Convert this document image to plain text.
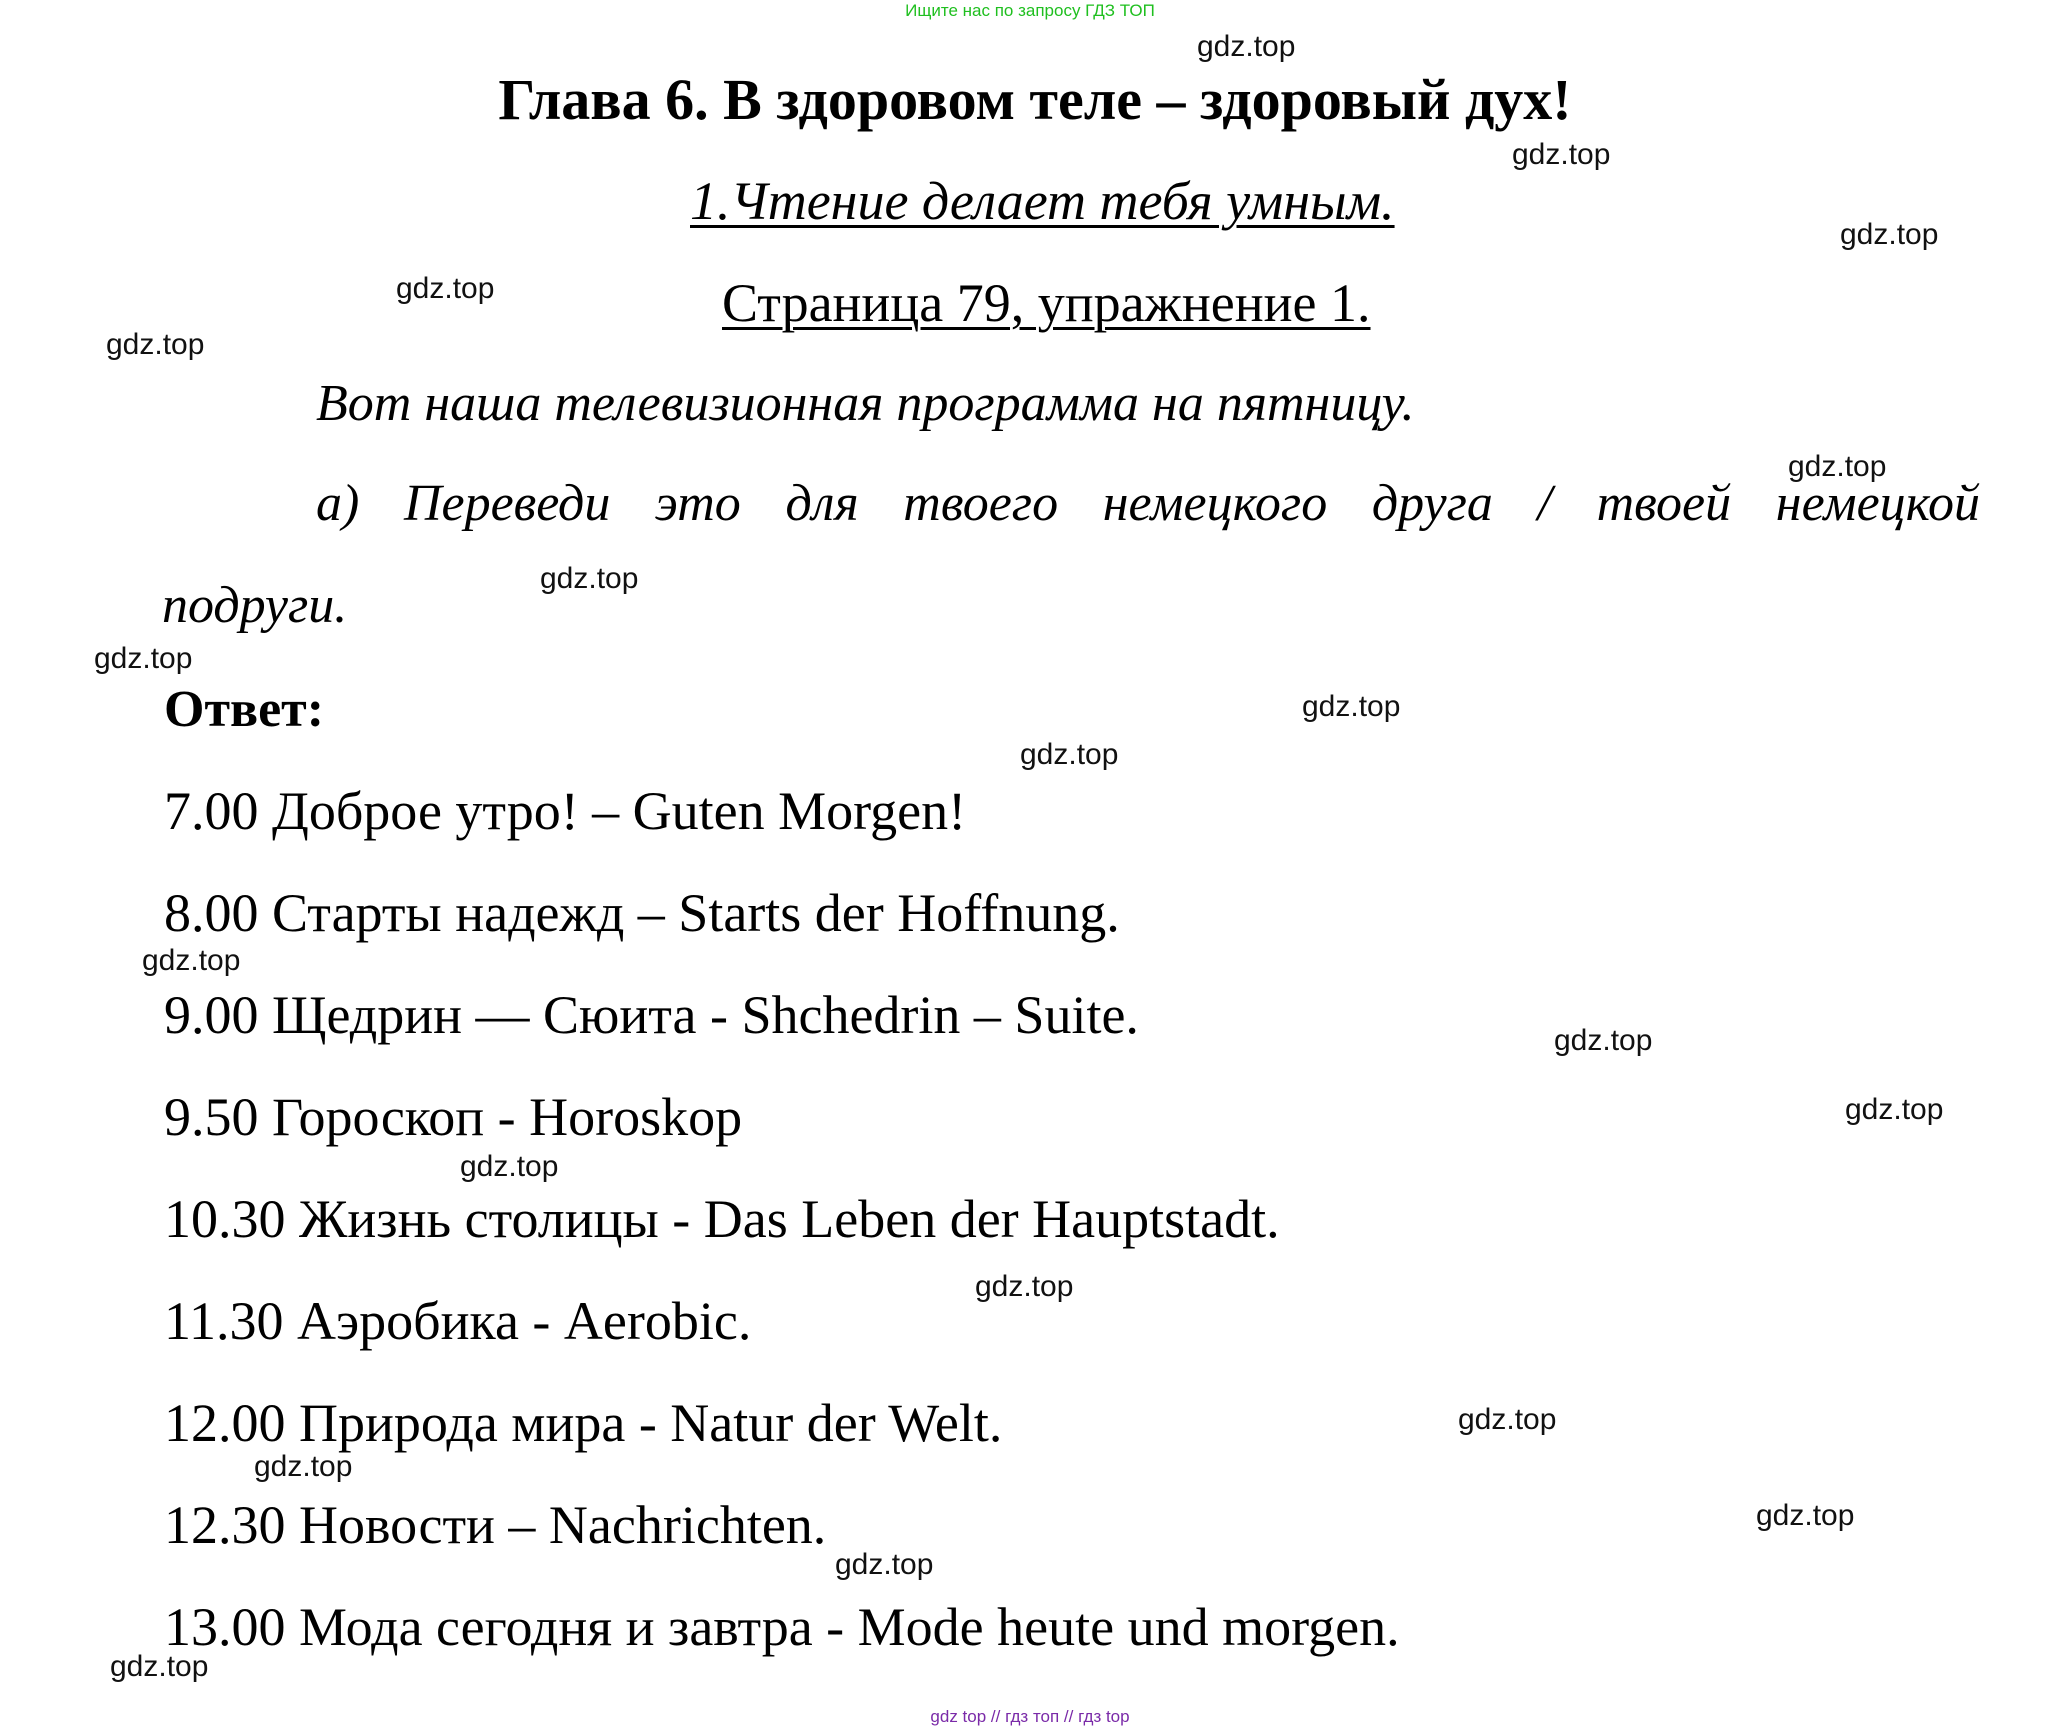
Ищите нас по запросу ГДЗ ТОП
Глава 6. В здоровом теле – здоровый дух!
1.Чтение делает тебя умным.
Страница 79, упражнение 1.
Вот наша телевизионная программа на пятницу.
а) Переведи это для твоего немецкого друга / твоей немецкой
подруги.
Ответ:
7.00 Доброе утро! – Guten Morgen!
8.00 Старты надежд – Starts der Hoffnung.
9.00 Щедрин — Сюита - Shchedrin – Suite.
9.50 Гороскоп - Horoskop
10.30 Жизнь столицы - Das Leben der Hauptstadt.
11.30 Аэробика - Aerobic.
12.00 Природа мира - Natur der Welt.
12.30 Новости – Nachrichten.
13.00 Мода сегодня и завтра - Mode heute und morgen.
gdz.top
gdz.top
gdz.top
gdz.top
gdz.top
gdz.top
gdz.top
gdz.top
gdz.top
gdz.top
gdz.top
gdz.top
gdz.top
gdz.top
gdz.top
gdz.top
gdz.top
gdz.top
gdz.top
gdz.top
gdz top // гдз топ // гдз top
